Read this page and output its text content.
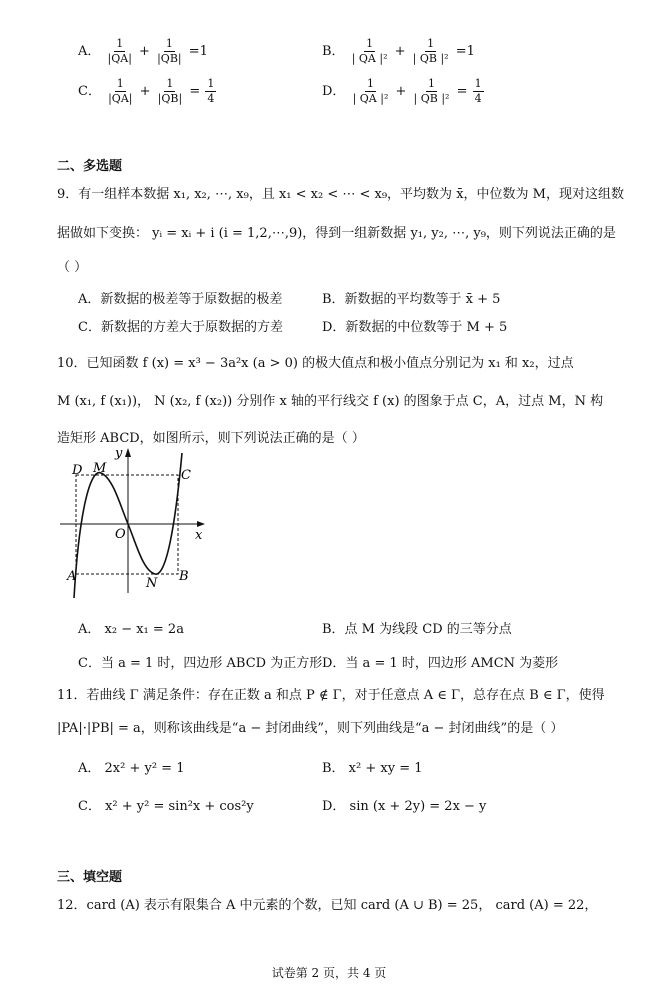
A． $\frac{1}{|QA|} + \frac{1}{|QB|} =1$	B． $\frac{1}{\text{| QA |²}} + \frac{1}{\text{| QB |²}} =1$
C． $\frac{1}{|QA|} + \frac{1}{|QB|} = \frac{1}{4}$	D． $\frac{1}{\text{| QA |²}} + \frac{1}{\text{| QB |²}} = \frac{1}{4}$
二、多选题
9．有一组样本数据 x₁, x₂, ⋯, x₉，且 x₁ < x₂ < ⋯ < x₉，平均数为 x̄，中位数为 M，现对这组数
据做如下变换： yᵢ = xᵢ + i (i = 1,2,⋯,9)，得到一组新数据 y₁, y₂, ⋯, y₉，则下列说法正确的是
（ ）
A．新数据的极差等于原数据的极差	B．新数据的平均数等于 x̄ + 5
C．新数据的方差大于原数据的方差	D．新数据的中位数等于 M + 5
10．已知函数 f (x) = x³ − 3a²x (a > 0) 的极大值点和极小值点分别记为 x₁ 和 x₂，过点
M (x₁, f (x₁))， N (x₂, f (x₂)) 分别作 x 轴的平行线交 f (x) 的图象于点 C，A，过点 M，N 构
造矩形 ABCD，如图所示，则下列说法正确的是（ ）
D M	C
O
A	N B
x
y
A． x₂ − x₁ = 2a	B．点 M 为线段 CD 的三等分点
C．当 a = 1 时，四边形 ABCD 为正方形 D．当 a = 1 时，四边形 AMCN 为菱形
11．若曲线 Γ 满足条件：存在正数 a 和点 P ∉ Γ，对于任意点 A ∈ Γ，总存在点 B ∈ Γ，使得
|PA|·|PB| = a，则称该曲线是“a − 封闭曲线”，则下列曲线是“a − 封闭曲线”的是（ ）
A． 2x² + y² = 1	B． x² + xy = 1
C． x² + y² = sin²x + cos²y	D． sin (x + 2y) = 2x − y
三、填空题
12．card (A) 表示有限集合 A 中元素的个数，已知 card (A ∪ B) = 25， card (A) = 22，
试卷第 2 页，共 4 页
